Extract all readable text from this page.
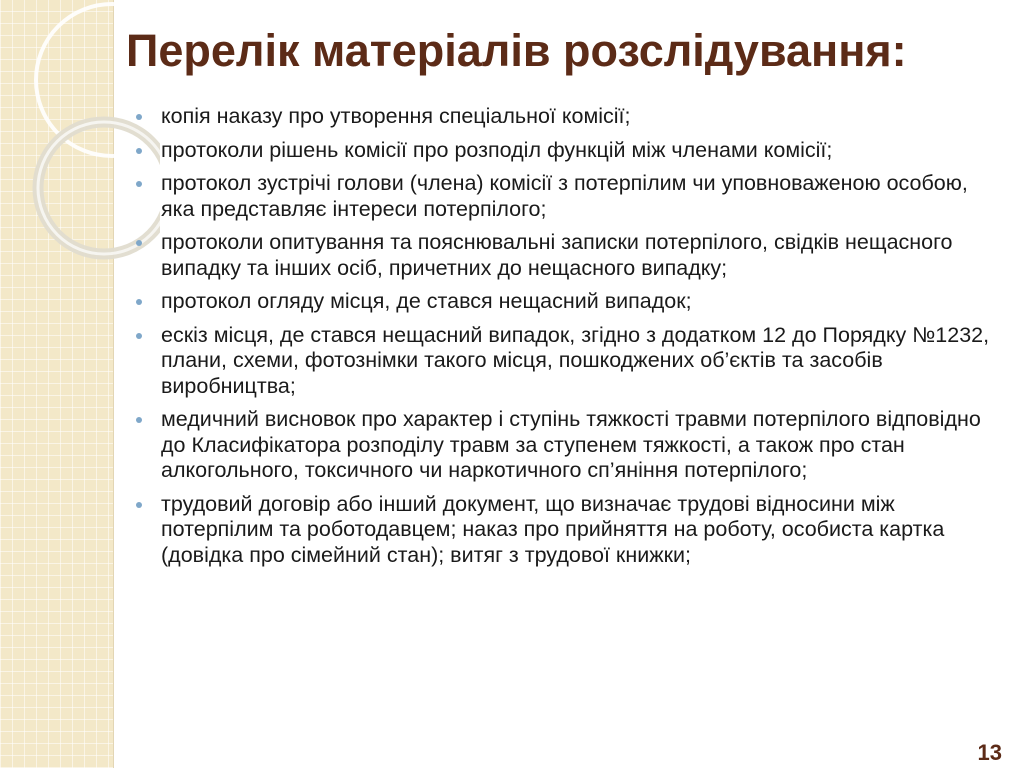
Перелік матеріалів розслідування:
копія наказу про утворення спеціальної комісії;
протоколи рішень комісії про розподіл функцій між членами комісії;
протокол зустрічі голови (члена) комісії з потерпілим чи уповноваженою особою, яка представляє інтереси потерпілого;
протоколи опитування та пояснювальні записки потерпілого, свідків нещасного випадку та інших осіб, причетних до нещасного випадку;
протокол огляду місця, де стався нещасний випадок;
ескіз місця, де стався нещасний випадок, згідно з додатком 12 до Порядку №1232, плани, схеми, фотознімки такого місця, пошкоджених об’єктів та засобів виробництва;
медичний висновок про характер і ступінь тяжкості травми потерпілого відповідно до Класифікатора розподілу травм за ступенем тяжкості, а також про стан алкогольного, токсичного чи наркотичного сп’яніння потерпілого;
трудовий договір або інший документ, що визначає трудові відносини між потерпілим та роботодавцем; наказ про прийняття на роботу, особиста картка (довідка про сімейний стан); витяг з трудової книжки;
13
